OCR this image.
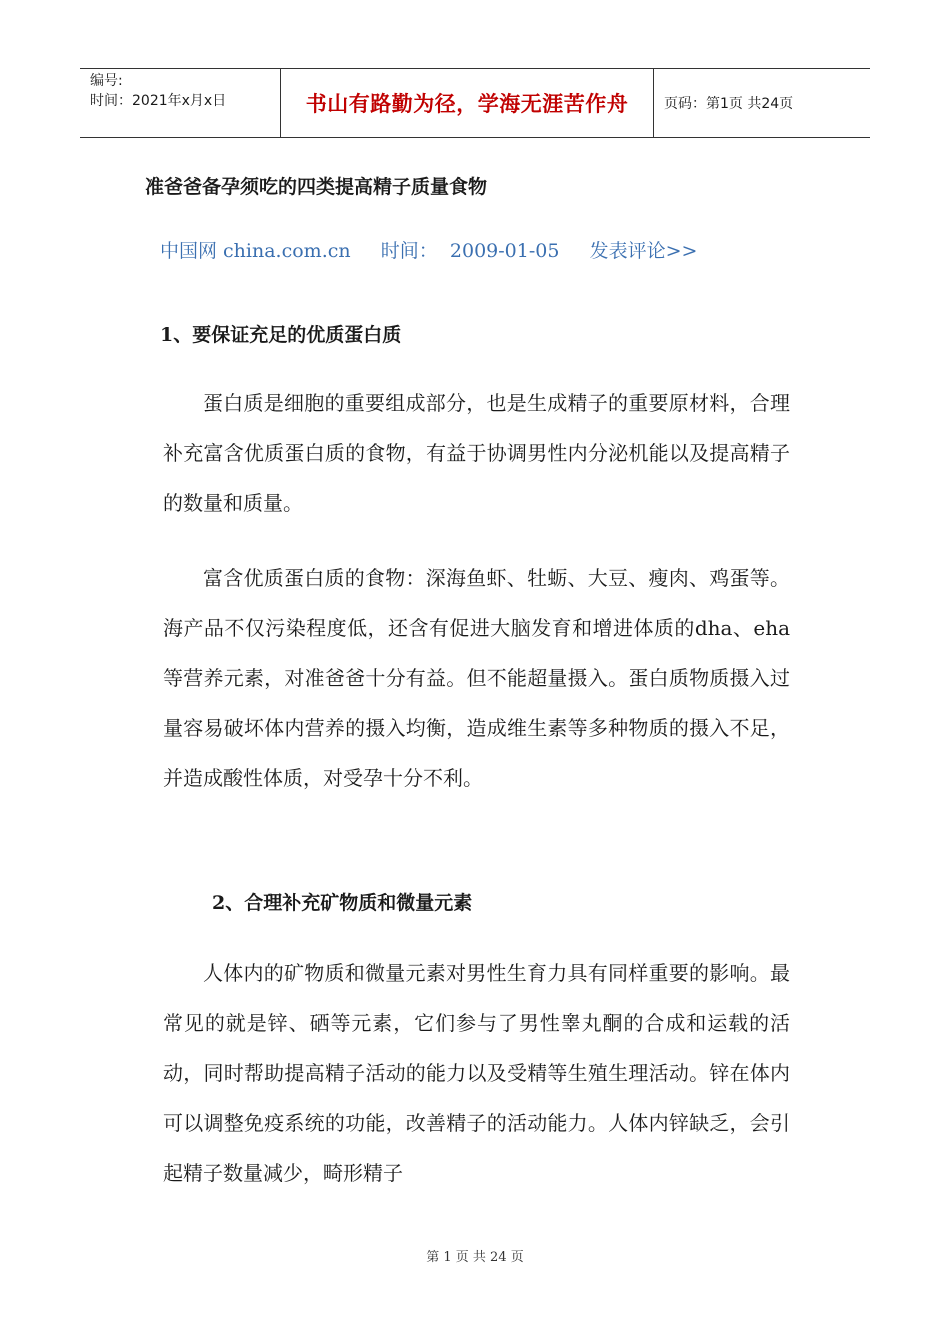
编号:
时间：2021年x月x日	书山有路勤为径，学海无涯苦作舟	页码：第1页 共24页
准爸爸备孕须吃的四类提高精子质量食物
中国网 china.com.cn     时间：  2009-01-05     发表评论>>
1、要保证充足的优质蛋白质

蛋白质是细胞的重要组成部分，也是生成精子的重要原材料，合理补充富含优质蛋白质的食物，有益于协调男性内分泌机能以及提高精子的数量和质量。

富含优质蛋白质的食物：深海鱼虾、牡蛎、大豆、瘦肉、鸡蛋等。海产品不仅污染程度低，还含有促进大脑发育和增进体质的dha、eha等营养元素，对准爸爸十分有益。但不能超量摄入。蛋白质物质摄入过量容易破坏体内营养的摄入均衡，造成维生素等多种物质的摄入不足，并造成酸性体质，对受孕十分不利。

2、合理补充矿物质和微量元素

人体内的矿物质和微量元素对男性生育力具有同样重要的影响。最常见的就是锌、硒等元素，它们参与了男性睾丸酮的合成和运载的活动，同时帮助提高精子活动的能力以及受精等生殖生理活动。锌在体内可以调整免疫系统的功能，改善精子的活动能力。人体内锌缺乏，会引起精子数量减少，畸形精子

第 1 页 共 24 页
